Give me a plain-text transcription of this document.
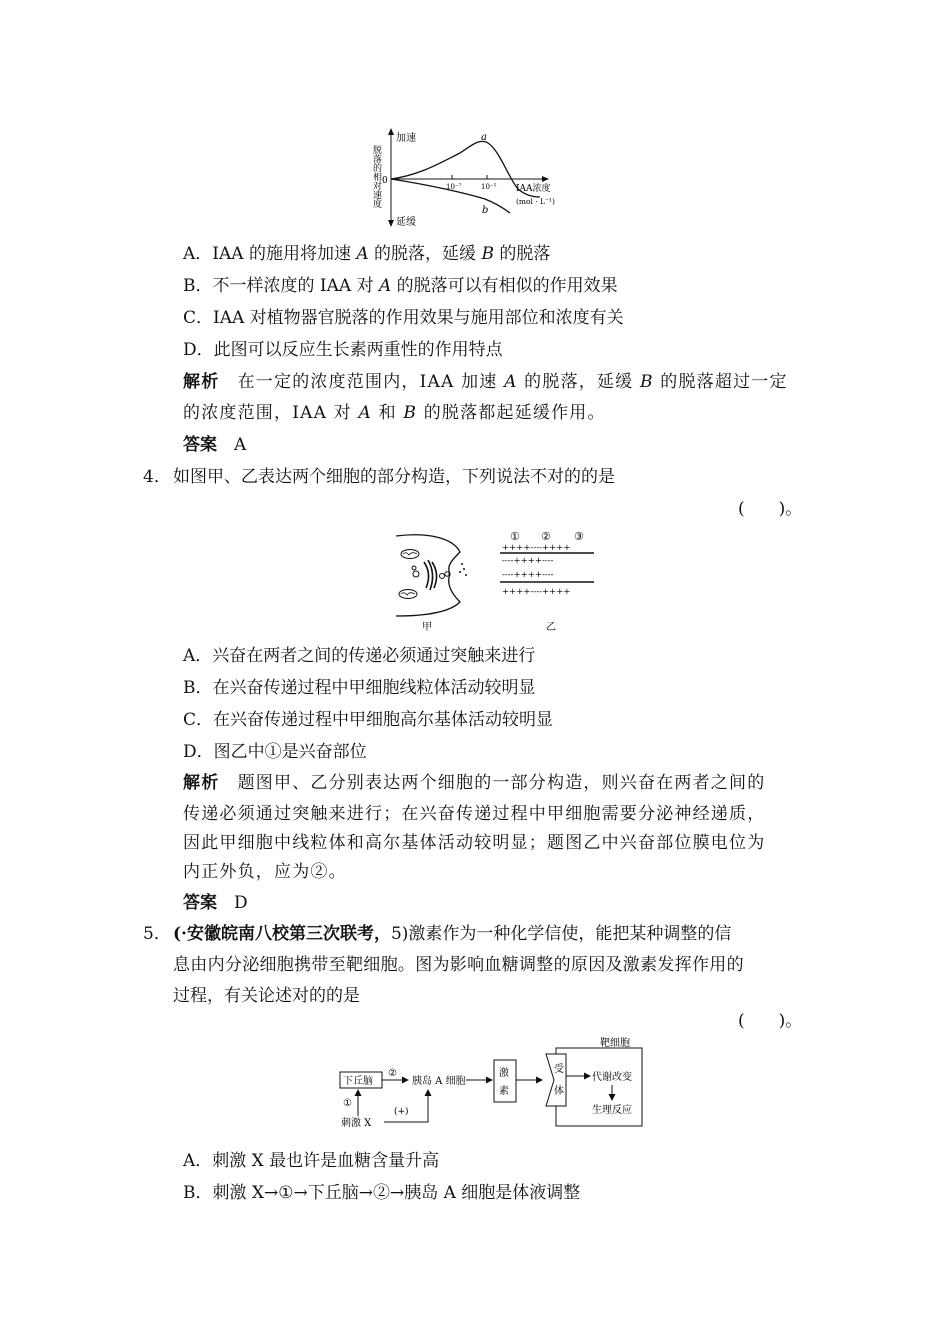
脱落的相对速度
加速
延缓
0
10⁻⁷	10⁻⁵ IAA浓度
(mol · L⁻¹)
a
b
A．IAA 的施用将加速 A 的脱落，延缓 B 的脱落
B．不一样浓度的 IAA 对 A 的脱落可以有相似的作用效果
C．IAA 对植物器官脱落的作用效果与施用部位和浓度有关
D．此图可以反应生长素两重性的作用特点
解析　 在一定的浓度范围内，IAA 加速 A 的脱落，延缓 B 的脱落超过一定
的浓度范围，IAA 对 A 和 B 的脱落都起延缓作用。
答案　 A
4． 如图甲、乙表达两个细胞的部分构造，下列说法不对的的是
(　　)。
甲
① ② ③
++++----++++
----++++----
----++++----
++++----++++
乙
A．兴奋在两者之间的传递必须通过突触来进行
B．在兴奋传递过程中甲细胞线粒体活动较明显
C．在兴奋传递过程中甲细胞高尔基体活动较明显
D．图乙中①是兴奋部位
解析　 题图甲、乙分别表达两个细胞的一部分构造，则兴奋在两者之间的
传递必须通过突触来进行；在兴奋传递过程中甲细胞需要分泌神经递质，
因此甲细胞中线粒体和高尔基体活动较明显；题图乙中兴奋部位膜电位为
内正外负，应为②。
答案　 D
5． (·安徽皖南八校第三次联考，5)激素作为一种化学信使，能把某种调整的信
息由内分泌细胞携带至靶细胞。图为影响血糖调整的原因及激素发挥作用的
过程，有关论述对的的是
(　　)。
下丘脑
②
胰岛 A 细胞
激
素
靶细胞
受
体
代谢改变
生理反应
①
刺激 X
(+)
A．刺激 X 最也许是血糖含量升高
B．刺激 X→①→下丘脑→②→胰岛 A 细胞是体液调整
